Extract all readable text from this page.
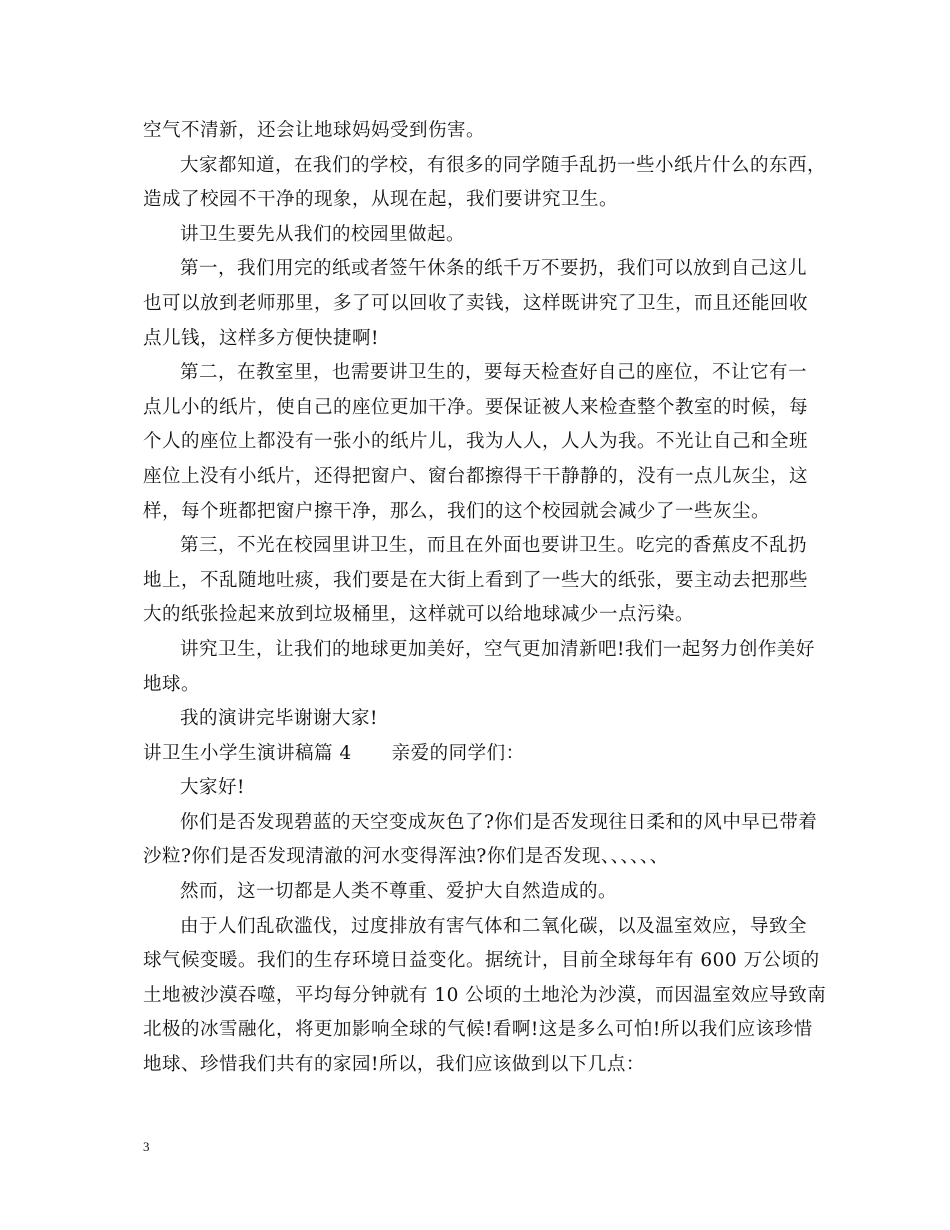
空气不清新，还会让地球妈妈受到伤害。
大家都知道，在我们的学校，有很多的同学随手乱扔一些小纸片什么的东西，
造成了校园不干净的现象，从现在起，我们要讲究卫生。
讲卫生要先从我们的校园里做起。
第一，我们用完的纸或者签午休条的纸千万不要扔，我们可以放到自己这儿
也可以放到老师那里，多了可以回收了卖钱，这样既讲究了卫生，而且还能回收
点儿钱，这样多方便快捷啊!
第二，在教室里，也需要讲卫生的，要每天检查好自己的座位，不让它有一
点儿小的纸片，使自己的座位更加干净。要保证被人来检查整个教室的时候，每
个人的座位上都没有一张小的纸片儿，我为人人，人人为我。不光让自己和全班
座位上没有小纸片，还得把窗户、窗台都擦得干干静静的，没有一点儿灰尘，这
样，每个班都把窗户擦干净，那么，我们的这个校园就会减少了一些灰尘。
第三，不光在校园里讲卫生，而且在外面也要讲卫生。吃完的香蕉皮不乱扔
地上，不乱随地吐痰，我们要是在大街上看到了一些大的纸张，要主动去把那些
大的纸张捡起来放到垃圾桶里，这样就可以给地球减少一点污染。
讲究卫生，让我们的地球更加美好，空气更加清新吧!我们一起努力创作美好
地球。
我的演讲完毕谢谢大家!
讲卫生小学生演讲稿篇 4	亲爱的同学们：
大家好!
你们是否发现碧蓝的天空变成灰色了?你们是否发现往日柔和的风中早已带着
沙粒?你们是否发现清澈的河水变得浑浊?你们是否发现、、、、、、
然而，这一切都是人类不尊重、爱护大自然造成的。
由于人们乱砍滥伐，过度排放有害气体和二氧化碳，以及温室效应，导致全
球气候变暖。我们的生存环境日益变化。据统计，目前全球每年有 600 万公顷的
土地被沙漠吞噬，平均每分钟就有 10 公顷的土地沦为沙漠，而因温室效应导致南
北极的冰雪融化，将更加影响全球的气候!看啊!这是多么可怕!所以我们应该珍惜
地球、珍惜我们共有的家园!所以，我们应该做到以下几点：
3
